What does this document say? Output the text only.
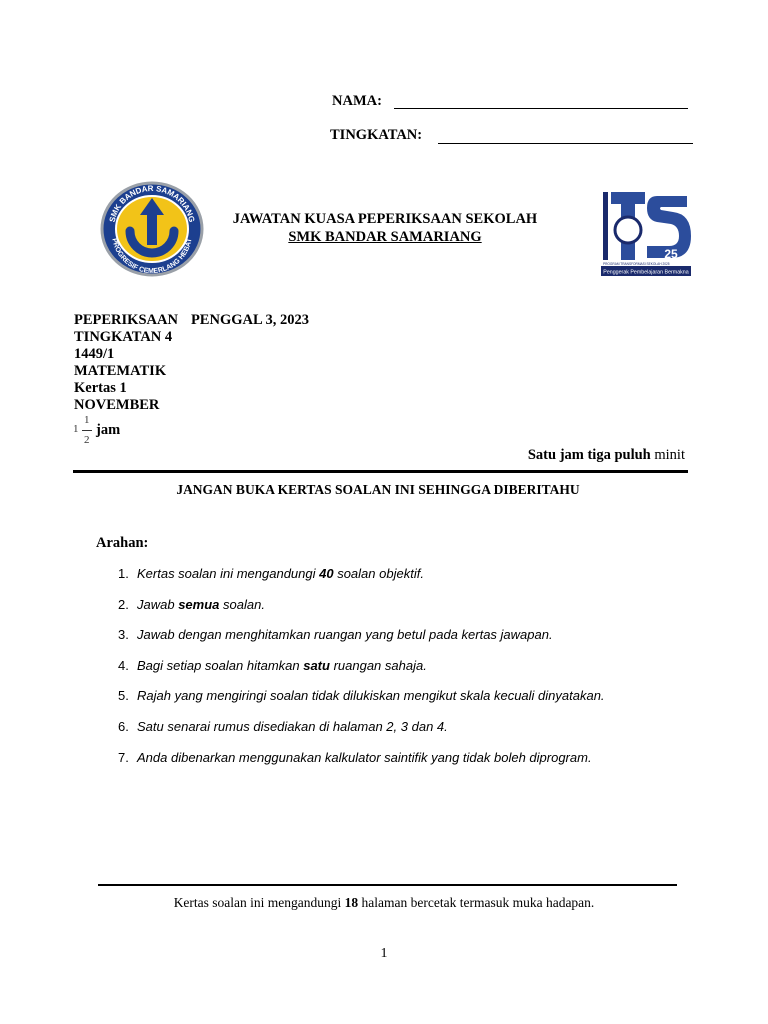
NAMA:
TINGKATAN:
SMK BANDAR SAMARIANG
PROGRESIF CEMERLANG HEBAT
JAWATAN KUASA PEPERIKSAAN SEKOLAH
SMK BANDAR SAMARIANG
25
PROGRAM TRANSFORMASI SEKOLAH 2025
Penggerak Pembelajaran Bermakna
PEPERIKSAAN PENGGAL 3, 2023
TINGKATAN 4
1449/1
MATEMATIK
Kertas 1
NOVEMBER
1
1
2
jam
Satu jam tiga puluh minit
JANGAN BUKA KERTAS SOALAN INI SEHINGGA DIBERITAHU
Arahan:
1. Kertas soalan ini mengandungi 40 soalan objektif.
2. Jawab semua soalan.
3. Jawab dengan menghitamkan ruangan yang betul pada kertas jawapan.
4. Bagi setiap soalan hitamkan satu ruangan sahaja.
5. Rajah yang mengiringi soalan tidak dilukiskan mengikut skala kecuali dinyatakan.
6. Satu senarai rumus disediakan di halaman 2, 3 dan 4.
7. Anda dibenarkan menggunakan kalkulator saintifik yang tidak boleh diprogram.
Kertas soalan ini mengandungi 18 halaman bercetak termasuk muka hadapan.
1
